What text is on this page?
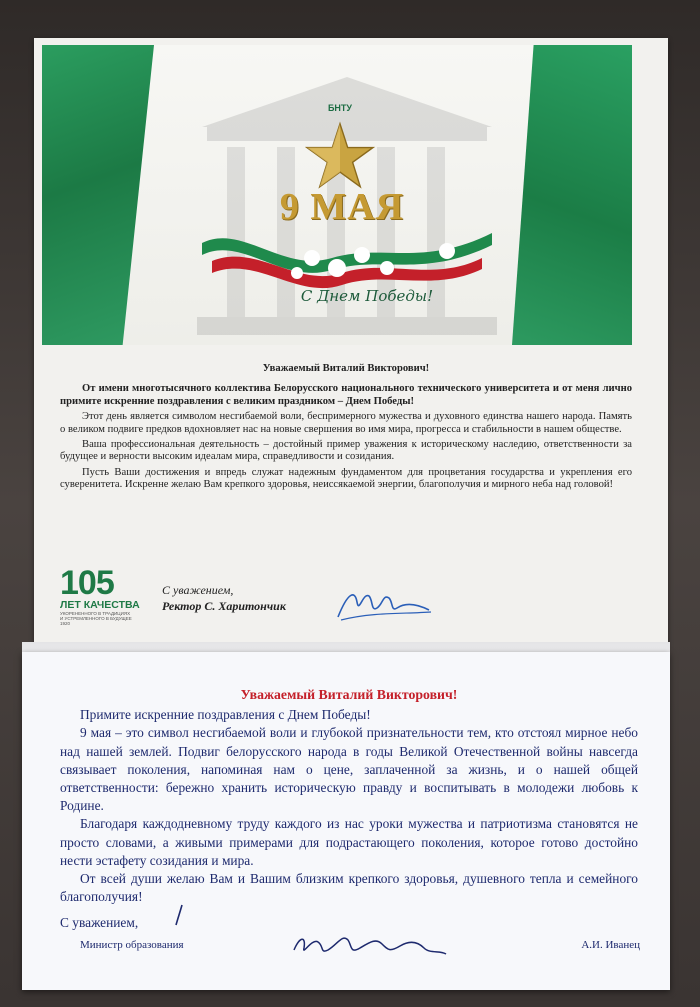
БНТУ
9 МАЯ
С Днем Победы!
Уважаемый Виталий Викторович!

От имени многотысячного коллектива Белорусского национального технического университета и от меня лично примите искренние поздравления с великим праздником – Днем Победы!

Этот день является символом несгибаемой воли, беспримерного мужества и духовного единства нашего народа. Память о великом подвиге предков вдохновляет нас на новые свершения во имя мира, прогресса и стабильности в нашем обществе.

Ваша профессиональная деятельность – достойный пример уважения к историческому наследию, ответственности за будущее и верности высоким идеалам мира, справедливости и созидания.

Пусть Ваши достижения и впредь служат надежным фундаментом для процветания государства и укрепления его суверенитета. Искренне желаю Вам крепкого здоровья, неиссякаемой энергии, благополучия и мирного неба над головой!

105
ЛЕТ КАЧЕСТВА
УКОРЕНЕННОГО В ТРАДИЦИЯХ
И УСТРЕМЛЕННОГО В БУДУЩЕЕ
1920
С уважением,
Ректор С. Харитончик
Уважаемый Виталий Викторович!

Примите искренние поздравления с Днем Победы!

9 мая – это символ несгибаемой воли и глубокой признательности тем, кто отстоял мирное небо над нашей землей. Подвиг белорусского народа в годы Великой Отечественной войны навсегда связывает поколения, напоминая нам о цене, заплаченной за жизнь, и о нашей общей ответственности: бережно хранить историческую правду и воспитывать в молодежи любовь к Родине.

Благодаря каждодневному труду каждого из нас уроки мужества и патриотизма становятся не просто словами, а живыми примерами для подрастающего поколения, которое готово достойно нести эстафету созидания и мира.

От всей души желаю Вам и Вашим близким крепкого здоровья, душевного тепла и семейного благополучия!

С уважением,

Министр образования	А.И. Иванец
